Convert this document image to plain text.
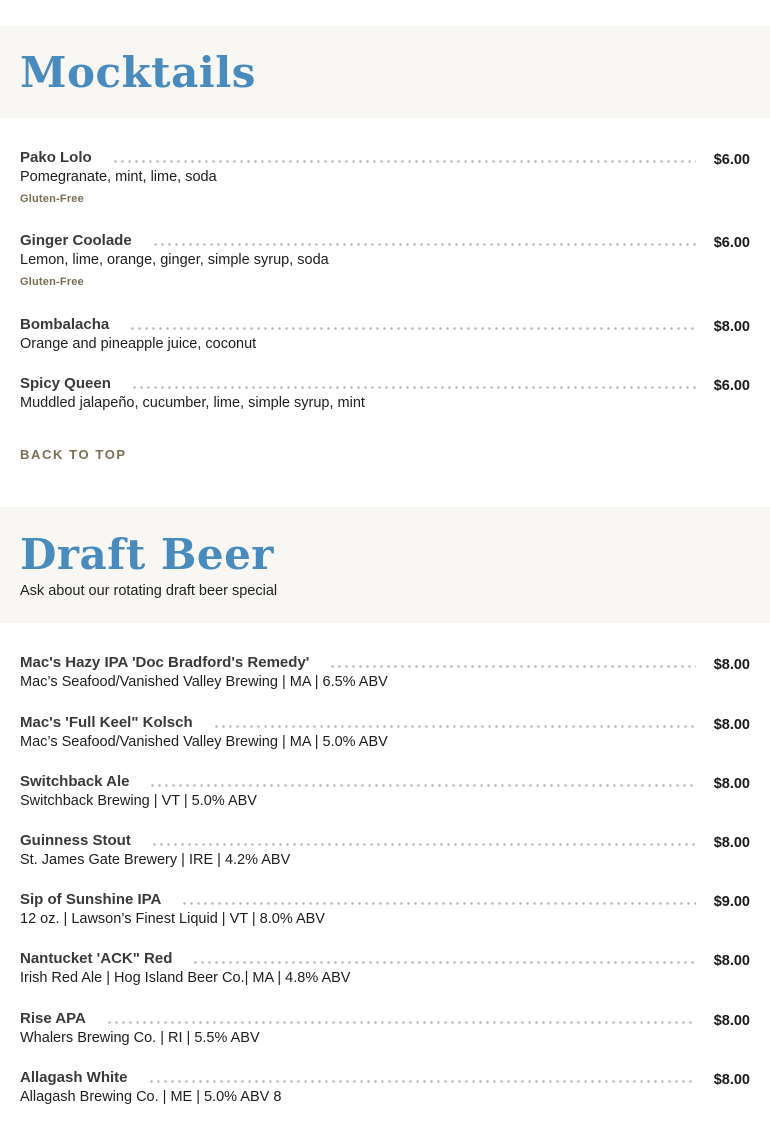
Mocktails
Pako Lolo	$6.00
Pomegranate, mint, lime, soda
Gluten-Free
Ginger Coolade	$6.00
Lemon, lime, orange, ginger, simple syrup, soda
Gluten-Free
Bombalacha	$8.00
Orange and pineapple juice, coconut
Spicy Queen	$6.00
Muddled jalapeño, cucumber, lime, simple syrup, mint
BACK TO TOP
Draft Beer
Ask about our rotating draft beer special
Mac's Hazy IPA 'Doc Bradford's Remedy'	$8.00
Mac’s Seafood/Vanished Valley Brewing | MA | 6.5% ABV
Mac's 'Full Keel" Kolsch	$8.00
Mac’s Seafood/Vanished Valley Brewing | MA | 5.0% ABV
Switchback Ale	$8.00
Switchback Brewing | VT | 5.0% ABV
Guinness Stout	$8.00
St. James Gate Brewery | IRE | 4.2% ABV
Sip of Sunshine IPA	$9.00
12 oz. | Lawson’s Finest Liquid | VT | 8.0% ABV
Nantucket 'ACK" Red	$8.00
Irish Red Ale | Hog Island Beer Co.| MA | 4.8% ABV
Rise APA	$8.00
Whalers Brewing Co. | RI | 5.5% ABV
Allagash White	$8.00
Allagash Brewing Co. | ME | 5.0% ABV 8
